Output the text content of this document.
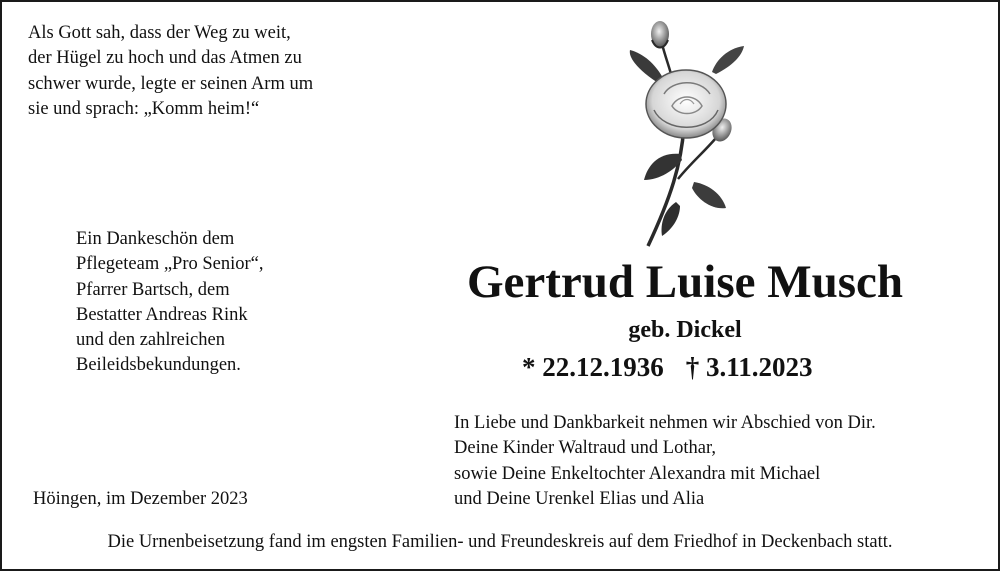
Als Gott sah, dass der Weg zu weit,
der Hügel zu hoch und das Atmen zu
schwer wurde, legte er seinen Arm um
sie und sprach: „Komm heim!“
Ein Dankeschön dem
Pflegeteam „Pro Senior“,
Pfarrer Bartsch, dem
Bestatter Andreas Rink
und den zahlreichen
Beileidsbekundungen.
Gertrud Luise Musch
geb. Dickel
* 22.12.1936 † 3.11.2023
In Liebe und Dankbarkeit nehmen wir Abschied von Dir.
Deine Kinder Waltraud und Lothar,
sowie Deine Enkeltochter Alexandra mit Michael
und Deine Urenkel Elias und Alia
Höingen, im Dezember 2023
Die Urnenbeisetzung fand im engsten Familien- und Freundeskreis auf dem Friedhof in Deckenbach statt.
